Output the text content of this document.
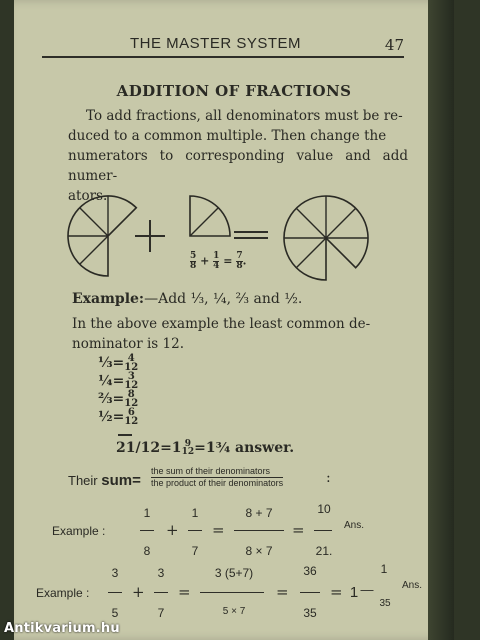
THE MASTER SYSTEM	47
ADDITION OF FRACTIONS
To add fractions, all denominators must be re-
duced to a common multiple. Then change the
numerators to corresponding value and add numer-
ators.
$\frac{5}{8} + \frac{1}{4} = \frac{7}{8}$ .
Example:—Add ⅓, ¼, ⅔ and ½.
In the above example the least common de-
nominator is 12.
⅓= 4
12
¼= 3
12
⅔= 8
12
½= 6
12
21/12=1 9
12 =1¾ answer.
Their sum=
the sum of their denominators
the product of their denominators	:
Example :
1
8
+
1
7
=
8 + 7
8 × 7
=
10
21.
Ans.
Example :
3
5
+
3
7
=
3 (5+7)
5 × 7
=
36
35
= 1 —
1
35
Ans.
Antikvarium.hu
